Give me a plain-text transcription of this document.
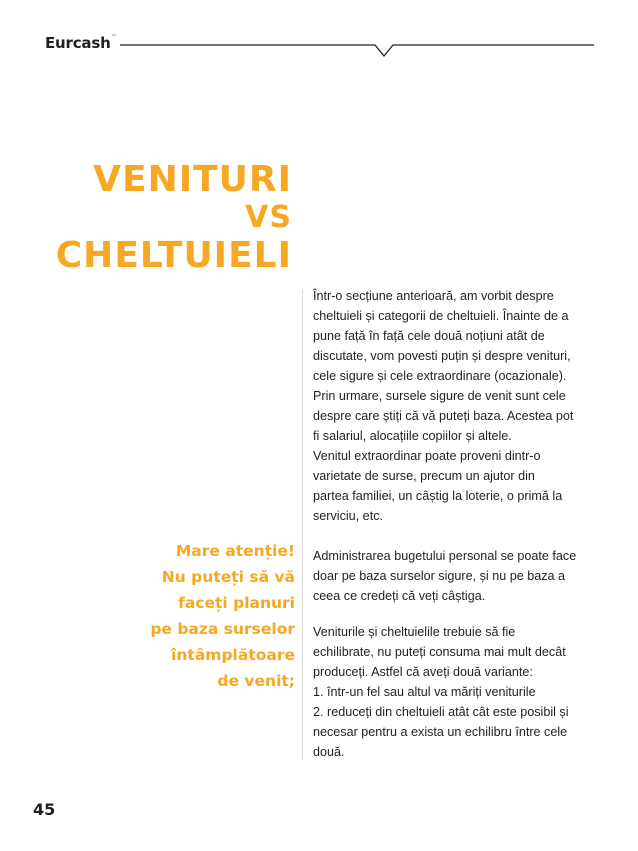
Eurcash™
VENITURI
VS
CHELTUIELI
Mare atenție!
Nu puteți să vă
faceți planuri
pe baza surselor
întâmplătoare
de venit;

Într-o secțiune anterioară, am vorbit despre
cheltuieli și categorii de cheltuieli. Înainte de a
pune față în față cele două noțiuni atât de
discutate, vom povesti puțin și despre venituri,
cele sigure și cele extraordinare (ocazionale).
Prin urmare, sursele sigure de venit sunt cele
despre care știți că vă puteți baza. Acestea pot
fi salariul, alocațiile copiilor și altele.
Venitul extraordinar poate proveni dintr-o
varietate de surse, precum un ajutor din
partea familiei, un câștig la loterie, o primă la
serviciu, etc.

Administrarea bugetului personal se poate face
doar pe baza surselor sigure, și nu pe baza a
ceea ce credeți că veți câștiga.

Veniturile și cheltuielile trebuie să fie
echilibrate, nu puteți consuma mai mult decât
produceți. Astfel că aveți două variante:
1. într-un fel sau altul va măriți veniturile
2. reduceți din cheltuieli atât cât este posibil și
necesar pentru a exista un echilibru între cele
două.

45
